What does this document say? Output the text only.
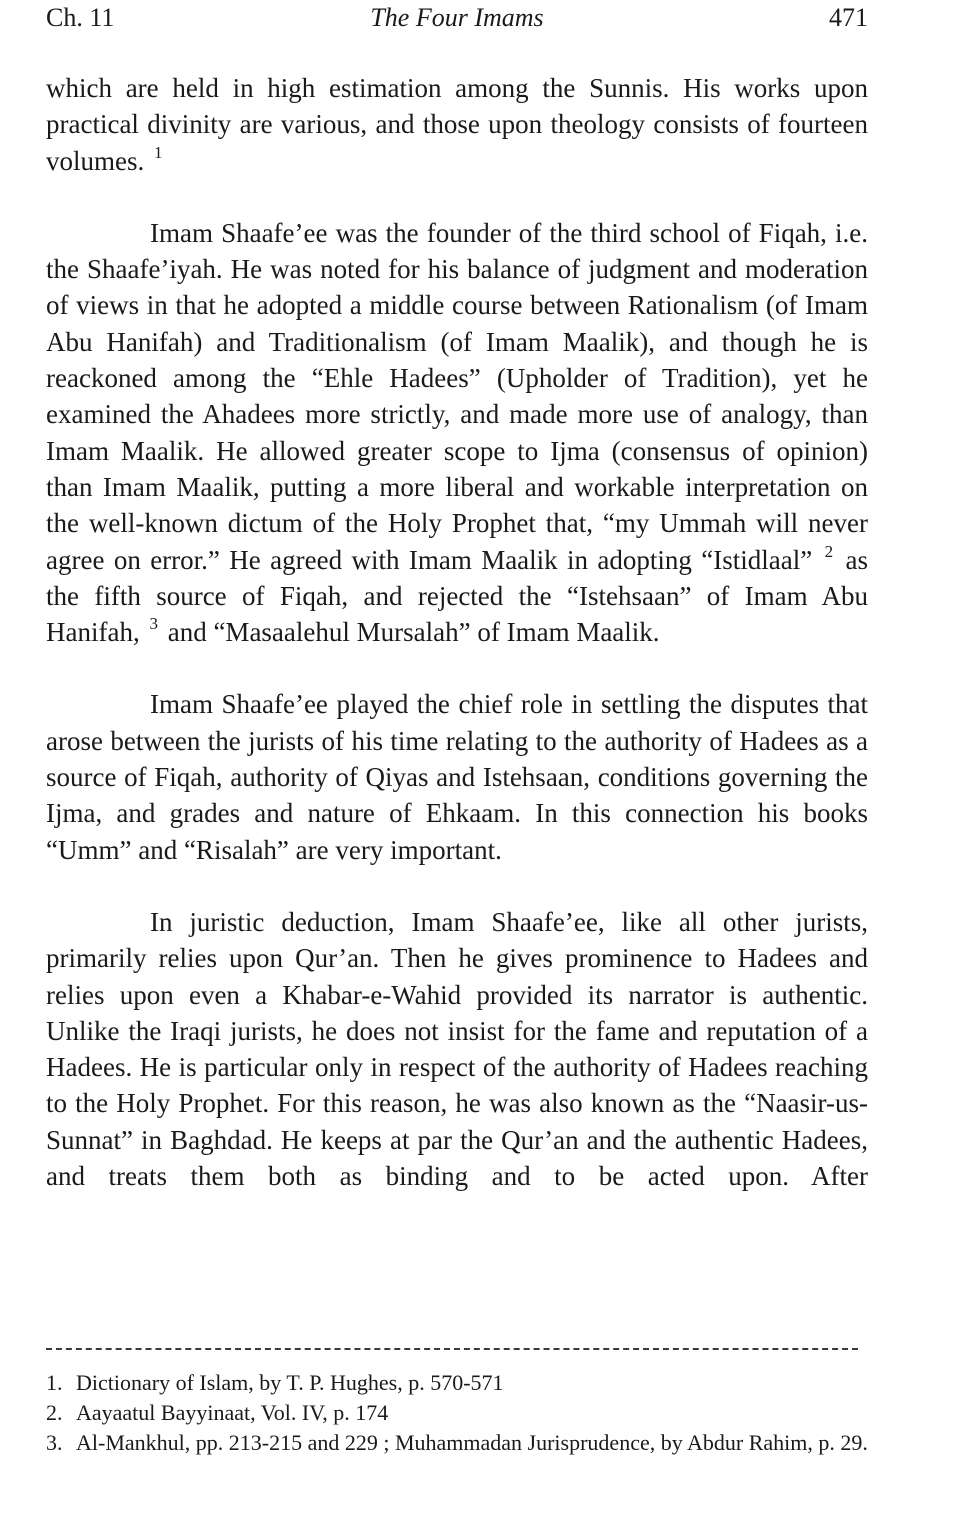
The Four Imams
Ch. 11	471

which are held in high estimation among the Sunnis. His works upon practical divinity are various, and those upon theology consists of fourteen volumes. $^1$

Imam Shaafe’ee was the founder of the third school of Fiqah, i.e. the Shaafe’iyah. He was noted for his balance of judgment and moderation of views in that he adopted a middle course between Rationalism (of Imam Abu Hanifah) and Traditionalism (of Imam Maalik), and though he is reackoned among the “Ehle Hadees” (Upholder of Tradition), yet he examined the Ahadees more strictly, and made more use of analogy, than Imam Maalik. He allowed greater scope to Ijma (consensus of opinion) than Imam Maalik, putting a more liberal and workable interpretation on the well-known dictum of the Holy Prophet that, “my Ummah will never agree on error.” He agreed with Imam Maalik in adopting “Istidlaal” $^2$ as the fifth source of Fiqah, and rejected the “Istehsaan” of Imam Abu Hanifah, $^3$ and “Masaalehul Mursalah” of Imam Maalik.

Imam Shaafe’ee played the chief role in settling the disputes that arose between the jurists of his time relating to the authority of Hadees as a source of Fiqah, authority of Qiyas and Istehsaan, conditions governing the Ijma, and grades and nature of Ehkaam. In this connection his books “Umm” and “Risalah” are very important.

In juristic deduction, Imam Shaafe’ee, like all other jurists, primarily relies upon Qur’an. Then he gives prominence to Hadees and relies upon even a Khabar-e-Wahid provided its narrator is authentic. Unlike the Iraqi jurists, he does not insist for the fame and reputation of a Hadees. He is particular only in respect of the authority of Hadees reaching to the Holy Prophet. For this reason, he was also known as the “Naasir-us-Sunnat” in Baghdad. He keeps at par the Qur’an and the authentic Hadees, and treats them both as binding and to be acted upon. After

1. Dictionary of Islam, by T. P. Hughes, p. 570-571

2. Aayaatul Bayyinaat, Vol. IV, p. 174

3. Al-Mankhul, pp. 213-215 and 229 ; Muhammadan Jurisprudence, by Abdur Rahim, p. 29.
